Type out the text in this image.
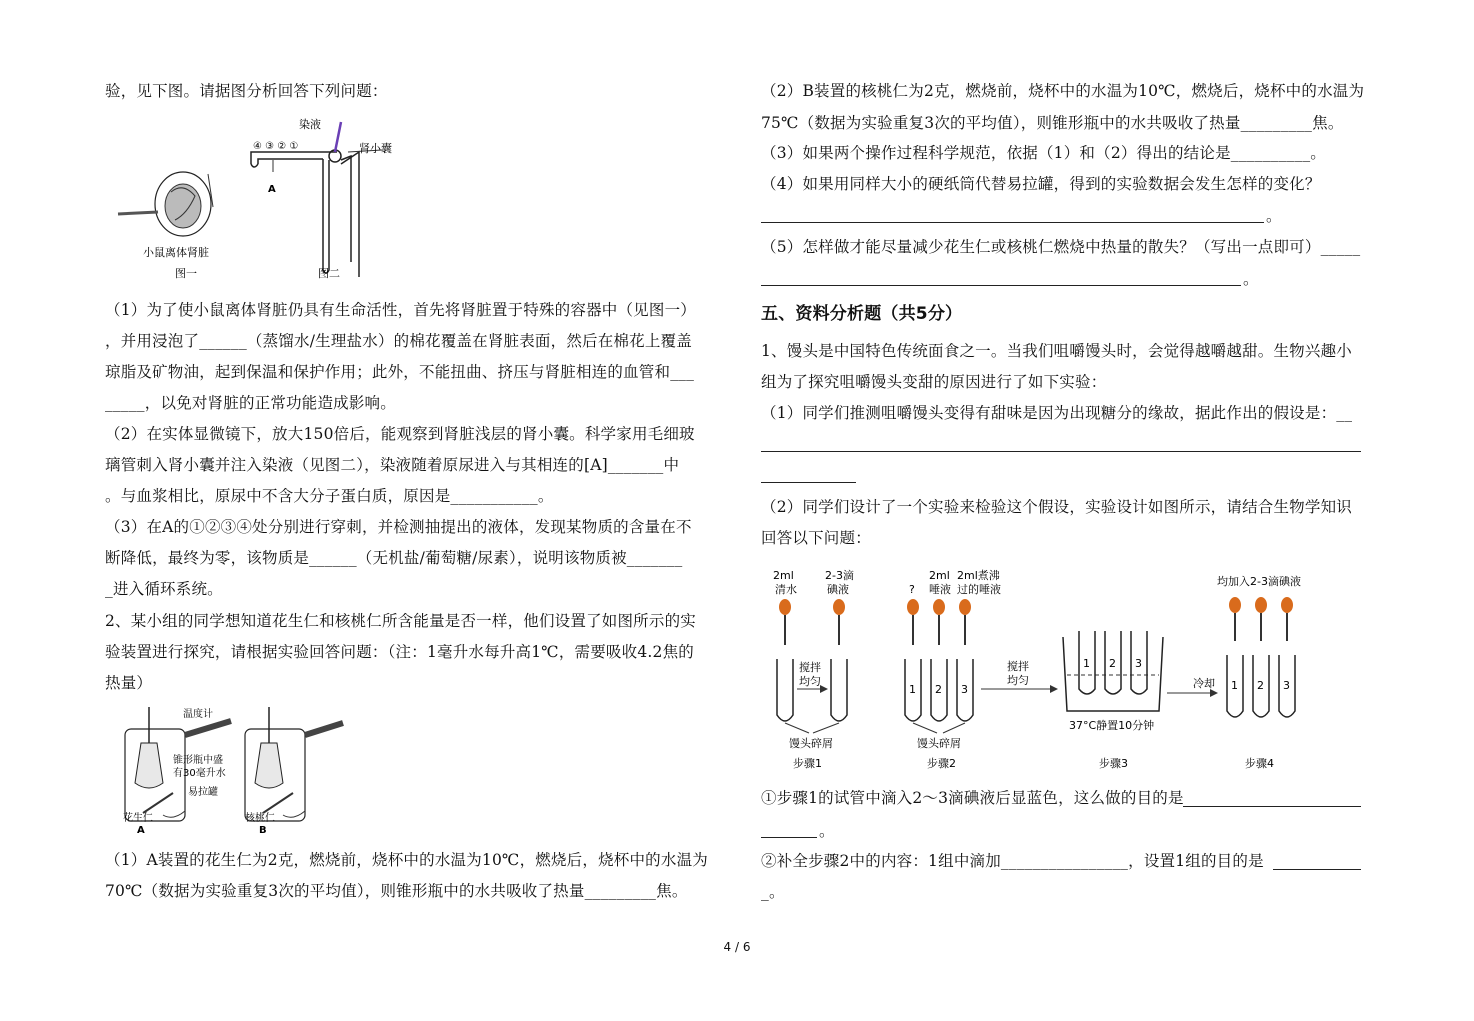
验，见下图。请据图分析回答下列问题：
小鼠离体肾脏
图一
染液
肾小囊
④ ③ ② ①
A
图二
（1）为了使小鼠离体肾脏仍具有生命活性，首先将肾脏置于特殊的容器中（见图一）
，并用浸泡了______（蒸馏水/生理盐水）的棉花覆盖在肾脏表面，然后在棉花上覆盖
琼脂及矿物油，起到保温和保护作用；此外，不能扭曲、挤压与肾脏相连的血管和___
_____，以免对肾脏的正常功能造成影响。
（2）在实体显微镜下，放大150倍后，能观察到肾脏浅层的肾小囊。科学家用毛细玻
璃管刺入肾小囊并注入染液（见图二），染液随着原尿进入与其相连的[A]_______中
。与血浆相比，原尿中不含大分子蛋白质，原因是___________。
（3）在A的①②③④处分别进行穿刺，并检测抽提出的液体，发现某物质的含量在不
断降低，最终为零，该物质是______（无机盐/葡萄糖/尿素），说明该物质被_______
_进入循环系统。
2、某小组的同学想知道花生仁和核桃仁所含能量是否一样，他们设置了如图所示的实
验装置进行探究，请根据实验回答问题：（注：1毫升水每升高1℃，需要吸收4.2焦的
热量）
温度计
锥形瓶中盛
有30毫升水
易拉罐
花生仁	核桃仁
A	B
（1）A装置的花生仁为2克，燃烧前，烧杯中的水温为10℃，燃烧后，烧杯中的水温为
70℃（数据为实验重复3次的平均值），则锥形瓶中的水共吸收了热量_________焦。
（2）B装置的核桃仁为2克，燃烧前，烧杯中的水温为10℃，燃烧后，烧杯中的水温为
75℃（数据为实验重复3次的平均值），则锥形瓶中的水共吸收了热量_________焦。
（3）如果两个操作过程科学规范，依据（1）和（2）得出的结论是__________。
（4）如果用同样大小的硬纸筒代替易拉罐，得到的实验数据会发生怎样的变化？
。
（5）怎样做才能尽量减少花生仁或核桃仁燃烧中热量的散失？（写出一点即可）_____
。
五、资料分析题（共5分）
1、馒头是中国特色传统面食之一。当我们咀嚼馒头时，会觉得越嚼越甜。生物兴趣小
组为了探究咀嚼馒头变甜的原因进行了如下实验：
（1）同学们推测咀嚼馒头变得有甜味是因为出现糖分的缘故，据此作出的假设是：__
（2）同学们设计了一个实验来检验这个假设，实验设计如图所示，请结合生物学知识
回答以下问题：
2ml
清水
2-3滴
碘液
搅拌
均匀
馒头碎屑
步骤1
?
2ml
唾液
2ml煮沸
过的唾液
1 2 3
馒头碎屑
步骤2
搅拌
均匀
1 2 3
37°C静置10分钟
步骤3
冷却
均加入2-3滴碘液
1 2 3
步骤4
①步骤1的试管中滴入2～3滴碘液后显蓝色，这么做的目的是
。
②补全步骤2中的内容：1组中滴加________________，设置1组的目的是
_。
4 / 6
